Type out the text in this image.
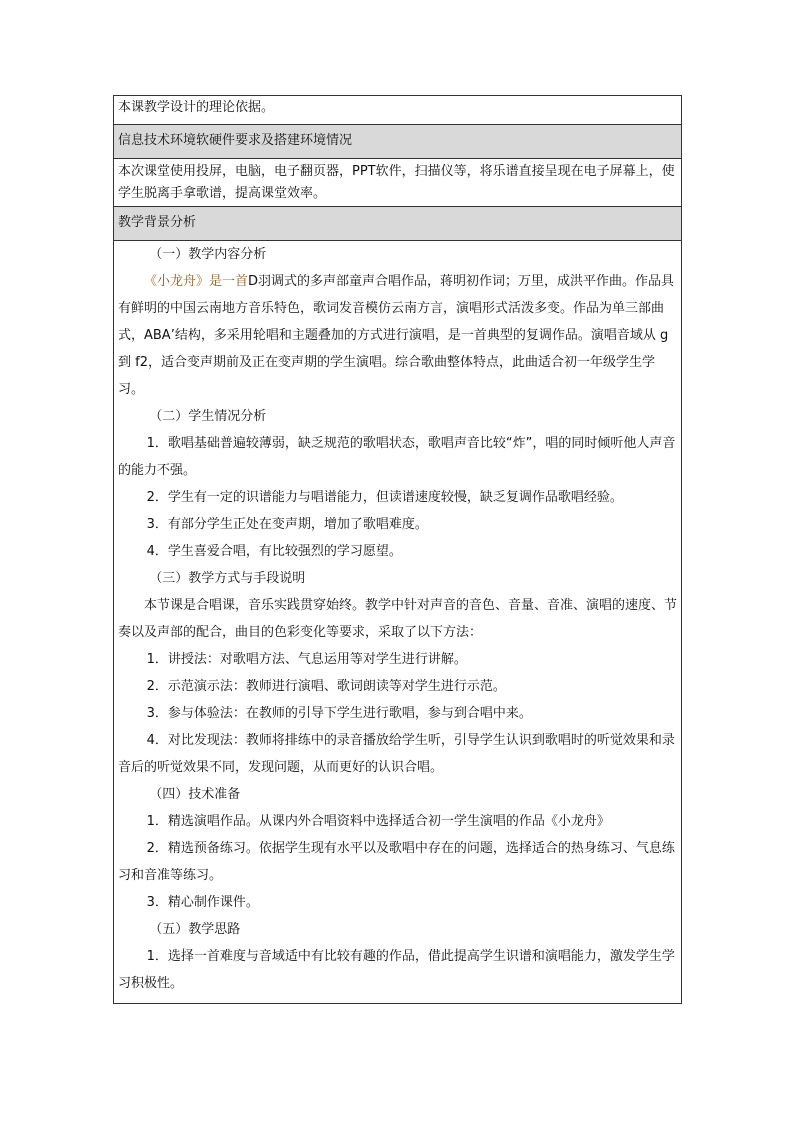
本课教学设计的理论依据。
信息技术环境软硬件要求及搭建环境情况
本次课堂使用投屏，电脑，电子翻页器，PPT软件，扫描仪等，将乐谱直接呈现在电子屏幕上，使学生脱离手拿歌谱，提高课堂效率。
教学背景分析

（一）教学内容分析

《小龙舟》是一首D羽调式的多声部童声合唱作品，蒋明初作词；万里，成洪平作曲。作品具有鲜明的中国云南地方音乐特色，歌词发音模仿云南方言，演唱形式活泼多变。作品为单三部曲式，ABA’结构，多采用轮唱和主题叠加的方式进行演唱，是一首典型的复调作品。演唱音域从 g 到 f2，适合变声期前及正在变声期的学生演唱。综合歌曲整体特点，此曲适合初一年级学生学习。

（二）学生情况分析

1．歌唱基础普遍较薄弱，缺乏规范的歌唱状态，歌唱声音比较“炸”，唱的同时倾听他人声音的能力不强。

2．学生有一定的识谱能力与唱谱能力，但读谱速度较慢，缺乏复调作品歌唱经验。

3．有部分学生正处在变声期，增加了歌唱难度。

4．学生喜爱合唱，有比较强烈的学习愿望。

（三）教学方式与手段说明

本节课是合唱课，音乐实践贯穿始终。教学中针对声音的音色、音量、音准、演唱的速度、节奏以及声部的配合，曲目的色彩变化等要求，采取了以下方法：

1．讲授法：对歌唱方法、气息运用等对学生进行讲解。

2．示范演示法：教师进行演唱、歌词朗读等对学生进行示范。

3．参与体验法：在教师的引导下学生进行歌唱，参与到合唱中来。

4．对比发现法：教师将排练中的录音播放给学生听，引导学生认识到歌唱时的听觉效果和录音后的听觉效果不同，发现问题，从而更好的认识合唱。

（四）技术准备

1．精选演唱作品。从课内外合唱资料中选择适合初一学生演唱的作品《小龙舟》

2．精选预备练习。依据学生现有水平以及歌唱中存在的问题，选择适合的热身练习、气息练习和音准等练习。

3．精心制作课件。

（五）教学思路

1．选择一首难度与音域适中有比较有趣的作品，借此提高学生识谱和演唱能力，激发学生学习积极性。
